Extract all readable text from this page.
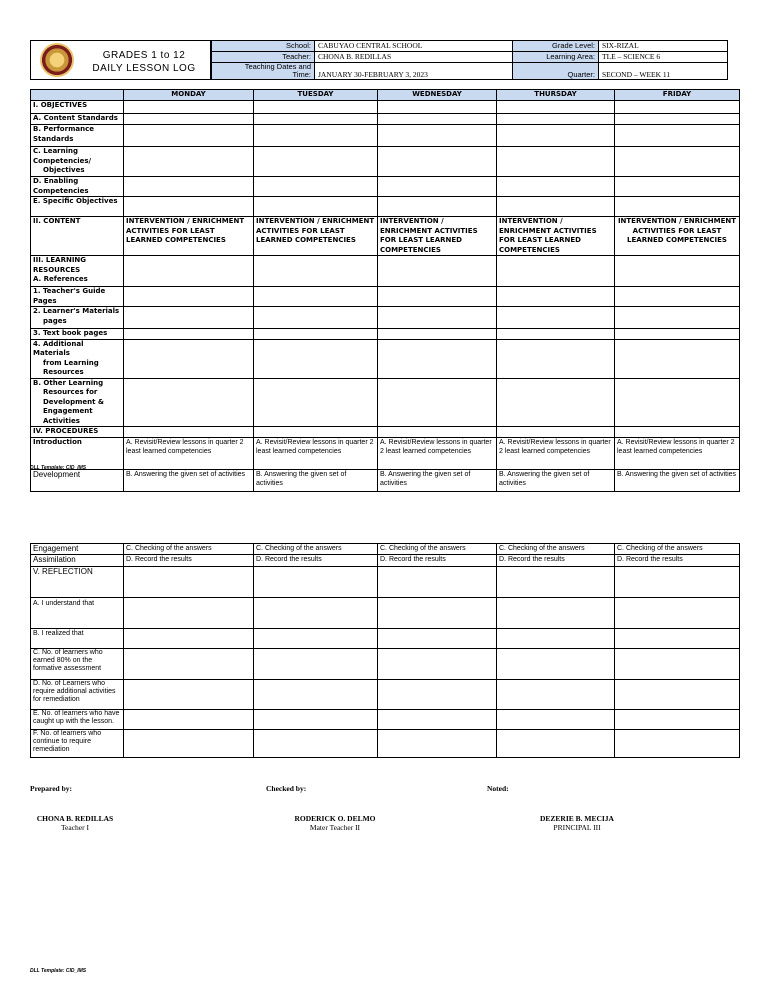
GRADES 1 to 12
DAILY LESSON LOG
School:	CABUYAO CENTRAL SCHOOL	Grade Level:	SIX-RIZAL
Teacher:	CHONA B. REDILLAS	Learning Area:	TLE – SCIENCE 6

Teaching Dates and
Time:	JANUARY 30-FEBRUARY 3, 2023	Quarter:	SECOND – WEEK 11
	MONDAY	TUESDAY	WEDNESDAY	THURSDAY	FRIDAY
I. OBJECTIVES					
A. Content Standards					
B. Performance Standards					

C. Learning Competencies/
Objectives					

D. Enabling Competencies					
E. Specific Objectives					
II. CONTENT	INTERVENTION / ENRICHMENT ACTIVITIES FOR LEAST LEARNED COMPETENCIES	INTERVENTION / ENRICHMENT ACTIVITIES FOR LEAST LEARNED COMPETENCIES	INTERVENTION / ENRICHMENT ACTIVITIES FOR LEAST LEARNED COMPETENCIES	INTERVENTION / ENRICHMENT ACTIVITIES FOR LEAST LEARNED COMPETENCIES	INTERVENTION / ENRICHMENT ACTIVITIES FOR LEAST LEARNED COMPETENCIES

III. LEARNING RESOURCES
A. References					

1. Teacher's Guide Pages					

2. Learner's Materials
pages					

3. Text book pages					

4. Additional Materials
from Learning Resources					

B. Other Learning
Resources for Development & Engagement Activities					

IV. PROCEDURES					
Introduction	A. Revisit/Review lessons in quarter 2 least learned competencies	A. Revisit/Review lessons in quarter 2 least learned competencies	A. Revisit/Review lessons in quarter 2 least learned competencies	A. Revisit/Review lessons in quarter 2 least learned competencies	A. Revisit/Review lessons in quarter 2 least learned competencies
Development	B. Answering the given set of activities	B. Answering the given set of activities	B. Answering the given set of activities	B. Answering the given set of activities	B. Answering the given set of activities
DLL Template: CID_IMS
Engagement	C. Checking of the answers	C. Checking of the answers	C. Checking of the answers	C. Checking of the answers	C. Checking of the answers
Assimilation	D. Record the results	D. Record the results	D. Record the results	D. Record the results	D. Record the results
V. REFLECTION					
A. I understand that					
B. I realized that					
C. No. of learners who earned 80% on the formative assessment					
D. No. of Learners who require additional activities for remediation					
E. No. of learners who have caught up with the lesson.					
F. No. of learners who continue to require remediation					
Prepared by:	Checked by:	Noted:
CHONA B. REDILLAS
Teacher I
RODERICK O. DELMO
Mater Teacher II
DEZERIE B. MECIJA
PRINCIPAL III
DLL Template: CID_IMS
